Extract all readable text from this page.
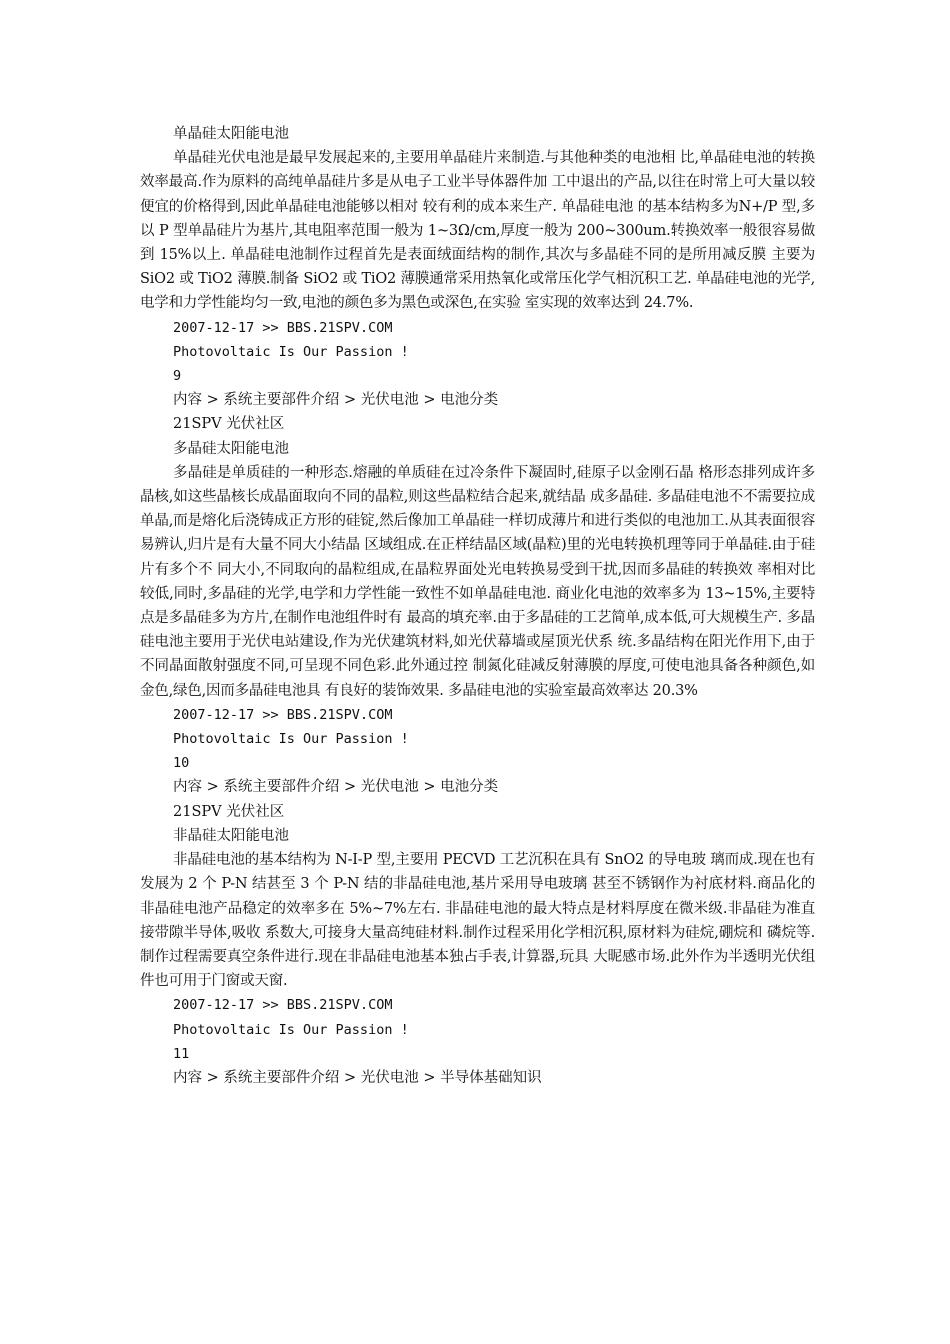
单晶硅太阳能电池

单晶硅光伏电池是最早发展起来的,主要用单晶硅片来制造.与其他种类的电池相 比,单晶硅电池的转换效率最高.作为原料的高纯单晶硅片多是从电子工业半导体器件加 工中退出的产品,以往在时常上可大量以较便宜的价格得到,因此单晶硅电池能够以相对 较有利的成本来生产. 单晶硅电池 的基本结构多为N+/P 型,多以 P 型单晶硅片为基片,其电阻率范围一般为 1~3Ω/cm,厚度一般为 200~300um.转换效率一般很容易做到 15%以上. 单晶硅电池制作过程首先是表面绒面结构的制作,其次与多晶硅不同的是所用减反膜 主要为 SiO2 或 TiO2 薄膜.制备 SiO2 或 TiO2 薄膜通常采用热氧化或常压化学气相沉积工艺. 单晶硅电池的光学,电学和力学性能均匀一致,电池的颜色多为黑色或深色,在实验 室实现的效率达到 24.7%.

2007-12-17 >> BBS.21SPV.COM

Photovoltaic Is Our Passion !

9

内容 > 系统主要部件介绍 > 光伏电池 > 电池分类

21SPV 光伏社区

多晶硅太阳能电池

多晶硅是单质硅的一种形态.熔融的单质硅在过冷条件下凝固时,硅原子以金刚石晶 格形态排列成许多晶核,如这些晶核长成晶面取向不同的晶粒,则这些晶粒结合起来,就结晶 成多晶硅. 多晶硅电池不不需要拉成单晶,而是熔化后浇铸成正方形的硅锭,然后像加工单晶硅一样切成薄片和进行类似的电池加工.从其表面很容易辨认,归片是有大量不同大小结晶 区域组成.在正样结晶区域(晶粒)里的光电转换机理等同于单晶硅.由于硅片有多个不 同大小,不同取向的晶粒组成,在晶粒界面处光电转换易受到干扰,因而多晶硅的转换效 率相对比较低,同时,多晶硅的光学,电学和力学性能一致性不如单晶硅电池. 商业化电池的效率多为 13~15%,主要特点是多晶硅多为方片,在制作电池组件时有 最高的填充率.由于多晶硅的工艺简单,成本低,可大规模生产. 多晶硅电池主要用于光伏电站建设,作为光伏建筑材料,如光伏幕墙或屋顶光伏系 统.多晶结构在阳光作用下,由于不同晶面散射强度不同,可呈现不同色彩.此外通过控 制氮化硅减反射薄膜的厚度,可使电池具备各种颜色,如金色,绿色,因而多晶硅电池具 有良好的装饰效果. 多晶硅电池的实验室最高效率达 20.3%

2007-12-17 >> BBS.21SPV.COM

Photovoltaic Is Our Passion !

10

内容 > 系统主要部件介绍 > 光伏电池 > 电池分类

21SPV 光伏社区

非晶硅太阳能电池

非晶硅电池的基本结构为 N-I-P 型,主要用 PECVD 工艺沉积在具有 SnO2 的导电玻 璃而成.现在也有发展为 2 个 P-N 结甚至 3 个 P-N 结的非晶硅电池,基片采用导电玻璃 甚至不锈钢作为衬底材料.商品化的非晶硅电池产品稳定的效率多在 5%~7%左右. 非晶硅电池的最大特点是材料厚度在微米级.非晶硅为准直接带隙半导体,吸收 系数大,可接身大量高纯硅材料.制作过程采用化学相沉积,原材料为硅烷,硼烷和 磷烷等.制作过程需要真空条件进行.现在非晶硅电池基本独占手表,计算器,玩具 大昵感市场.此外作为半透明光伏组件也可用于门窗或天窗.

2007-12-17 >> BBS.21SPV.COM

Photovoltaic Is Our Passion !

11

内容 > 系统主要部件介绍 > 光伏电池 > 半导体基础知识
